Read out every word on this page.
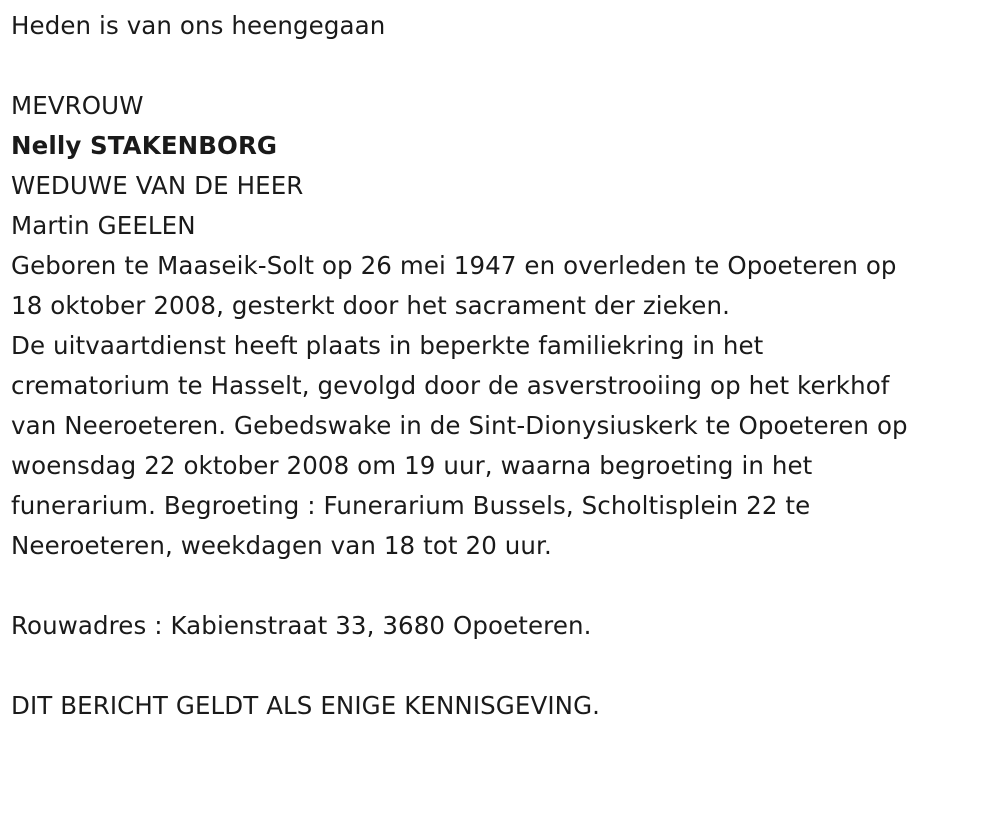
Heden is van ons heengegaan

MEVROUW

Nelly STAKENBORG

WEDUWE VAN DE HEER

Martin GEELEN

Geboren te Maaseik-Solt op 26 mei 1947 en overleden te Opoeteren op
18 oktober 2008, gesterkt door het sacrament der zieken.
De uitvaartdienst heeft plaats in beperkte familiekring in het
crematorium te Hasselt, gevolgd door de asverstrooiing op het kerkhof
van Neeroeteren. Gebedswake in de Sint-Dionysiuskerk te Opoeteren op
woensdag 22 oktober 2008 om 19 uur, waarna begroeting in het
funerarium. Begroeting : Funerarium Bussels, Scholtisplein 22 te
Neeroeteren, weekdagen van 18 tot 20 uur.

Rouwadres : Kabienstraat 33, 3680 Opoeteren.

DIT BERICHT GELDT ALS ENIGE KENNISGEVING.
